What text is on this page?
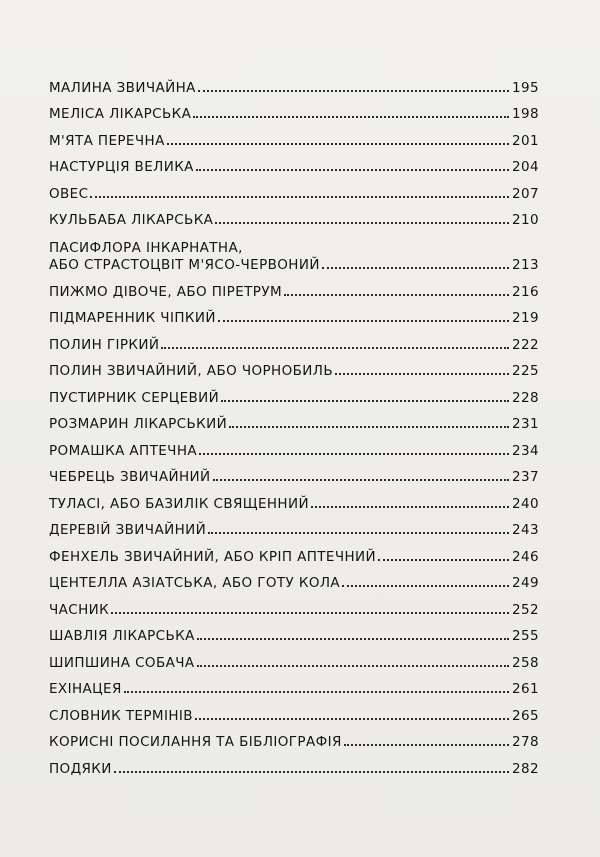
МАЛИНА ЗВИЧАЙНА	195
МЕЛІСА ЛІКАРСЬКА	198
М'ЯТА ПЕРЕЧНА	201
НАСТУРЦІЯ ВЕЛИКА	204
ОВЕС	207
КУЛЬБАБА ЛІКАРСЬКА	210
ПАСИФЛОРА ІНКАРНАТНА,
АБО СТРАСТОЦВІТ М'ЯСО-ЧЕРВОНИЙ	213
ПИЖМО ДІВОЧЕ, АБО ПІРЕТРУМ	216
ПІДМАРЕННИК ЧІПКИЙ	219
ПОЛИН ГІРКИЙ	222
ПОЛИН ЗВИЧАЙНИЙ, АБО ЧОРНОБИЛЬ	225
ПУСТИРНИК СЕРЦЕВИЙ	228
РОЗМАРИН ЛІКАРСЬКИЙ	231
РОМАШКА АПТЕЧНА	234
ЧЕБРЕЦЬ ЗВИЧАЙНИЙ	237
ТУЛАСІ, АБО БАЗИЛІК СВЯЩЕННИЙ	240
ДЕРЕВІЙ ЗВИЧАЙНИЙ	243
ФЕНХЕЛЬ ЗВИЧАЙНИЙ, АБО КРІП АПТЕЧНИЙ	246
ЦЕНТЕЛЛА АЗІАТСЬКА, АБО ГОТУ КОЛА	249
ЧАСНИК	252
ШАВЛІЯ ЛІКАРСЬКА	255
ШИПШИНА СОБАЧА	258
ЕХІНАЦЕЯ	261
СЛОВНИК ТЕРМІНІВ	265
КОРИСНІ ПОСИЛАННЯ ТА БІБЛІОГРАФІЯ	278
ПОДЯКИ	282
